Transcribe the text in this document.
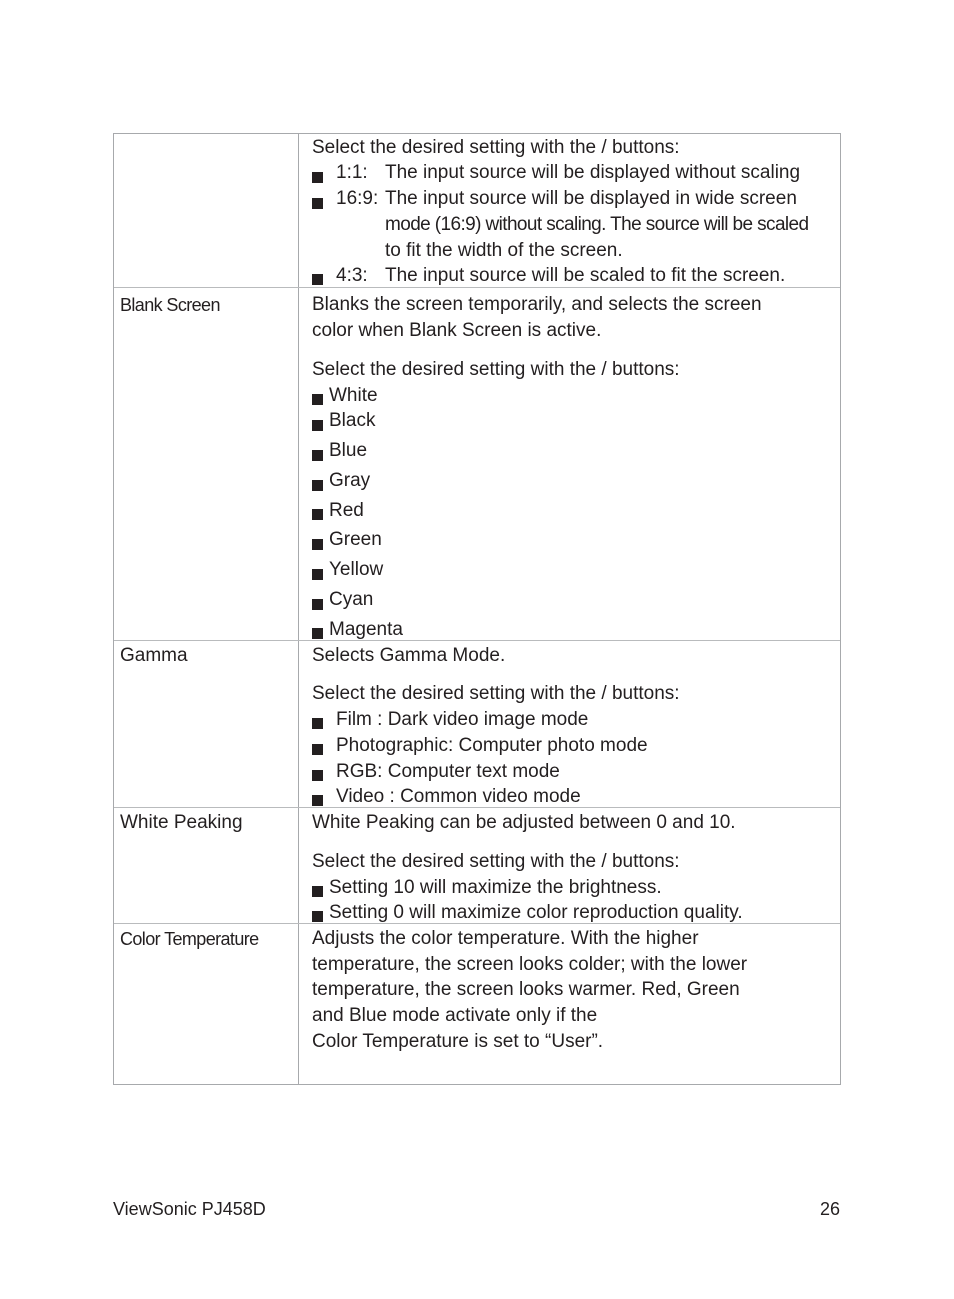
Select the desired setting with the / buttons:
1:1: The input source will be displayed without scaling
16:9: The input source will be displayed in wide screen
mode (16:9) without scaling. The source will be scaled
to fit the width of the screen.
4:3: The input source will be scaled to fit the screen.
Blank Screen	Blanks the screen temporarily, and selects the screen
color when Blank Screen is active.
Select the desired setting with the / buttons:
White
Black
Blue
Gray
Red
Green
Yellow
Cyan
Magenta
Gamma	Selects Gamma Mode.
Select the desired setting with the / buttons:
Film : Dark video image mode
Photographic: Computer photo mode
RGB: Computer text mode
Video : Common video mode
White Peaking	White Peaking can be adjusted between 0 and 10.
Select the desired setting with the / buttons:
Setting 10 will maximize the brightness.
Setting 0 will maximize color reproduction quality.
Color Temperature	Adjusts the color temperature. With the higher
temperature, the screen looks colder; with the lower
temperature, the screen looks warmer. Red, Green
and Blue mode activate only if the
Color Temperature is set to “User”.
ViewSonic PJ458D	26
